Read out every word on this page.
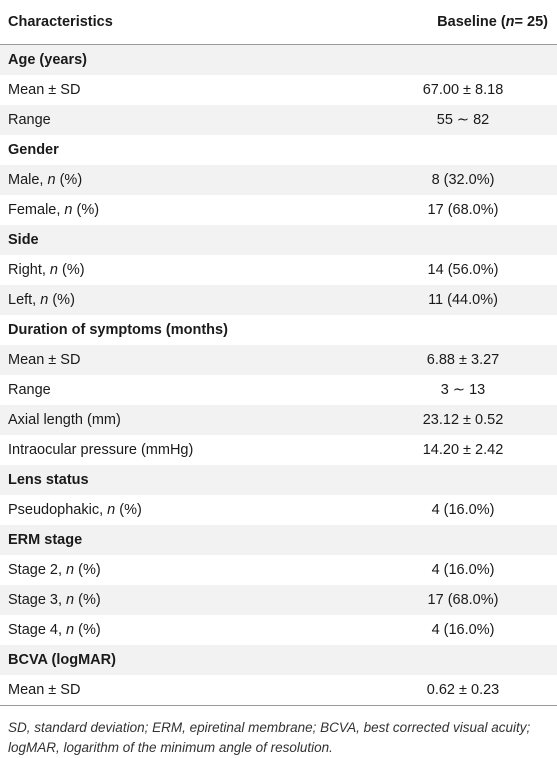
Characteristics	Baseline ( n = 25)
Age (years)
Mean ± SD	67.00 ± 8.18
Range	55 ∼ 82
Gender
Male, n (%)	8 (32.0%)
Female, n (%)	17 (68.0%)
Side
Right, n (%)	14 (56.0%)
Left, n (%)	11 (44.0%)
Duration of symptoms (months)
Mean ± SD	6.88 ± 3.27
Range	3 ∼ 13
Axial length (mm)	23.12 ± 0.52
Intraocular pressure (mmHg)	14.20 ± 2.42
Lens status
Pseudophakic, n (%)	4 (16.0%)
ERM stage
Stage 2, n (%)	4 (16.0%)
Stage 3, n (%)	17 (68.0%)
Stage 4, n (%)	4 (16.0%)
BCVA (logMAR)
Mean ± SD	0.62 ± 0.23
SD, standard deviation; ERM, epiretinal membrane; BCVA, best corrected visual acuity; logMAR, logarithm of the minimum angle of resolution.
